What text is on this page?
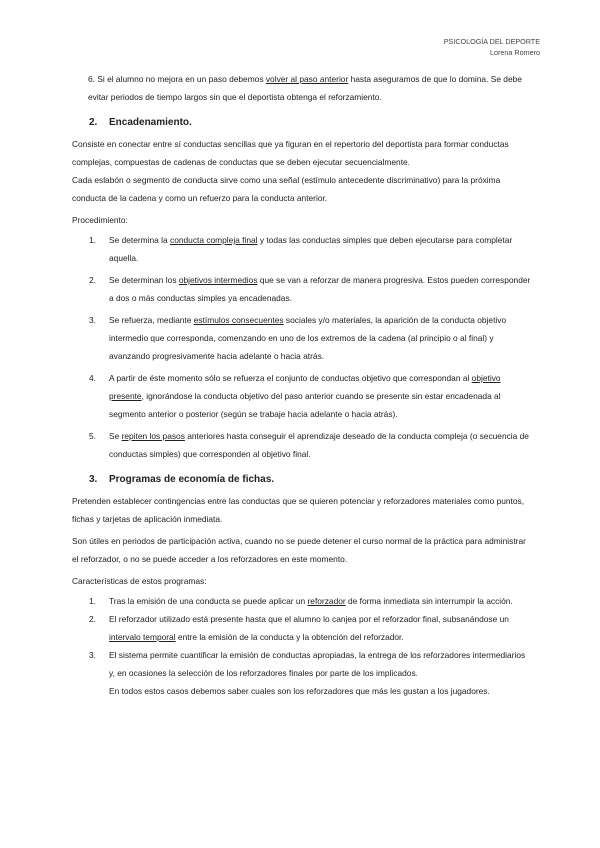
PSICOLOGÍA DEL DEPORTE
Lorena Romero

6. Si el alumno no mejora en un paso debemos volver al paso anterior hasta aseguramos de que lo domina. Se debe evitar periodos de tiempo largos sin que el deportista obtenga el reforzamiento.

2. Encadenamiento.

Consiste en conectar entre sí conductas sencillas que ya figuran en el repertorio del deportista para formar conductas complejas, compuestas de cadenas de conductas que se deben ejecutar secuencialmente.

Cada eslabón o segmento de conducta sirve como una señal (estímulo antecedente discriminativo) para la próxima conducta de la cadena y como un refuerzo para la conducta anterior.

Procedimiento:

1. Se determina la conducta compleja final y todas las conductas simples que deben ejecutarse para completar aquella.
2. Se determinan los objetivos intermedios que se van a reforzar de manera progresiva. Estos pueden corresponder a dos o más conductas simples ya encadenadas.
3. Se refuerza, mediante estímulos consecuentes sociales y/o materiales, la aparición de la conducta objetivo intermedio que corresponda, comenzando en uno de los extremos de la cadena (al principio o al final) y avanzando progresivamente hacia adelante o hacia atrás.
4. A partir de éste momento sólo se refuerza el conjunto de conductas objetivo que correspondan al objetivo presente, ignorándose la conducta objetivo del paso anterior cuando se presente sin estar encadenada al segmento anterior o posterior (según se trabaje hacia adelante o hacia atrás).
5. Se repiten los pasos anteriores hasta conseguir el aprendizaje deseado de la conducta compleja (o secuencia de conductas simples) que corresponden al objetivo final.
3. Programas de economía de fichas.

Pretenden establecer contingencias entre las conductas que se quieren potenciar y reforzadores materiales como puntos, fichas y tarjetas de aplicación inmediata.

Son útiles en periodos de participación activa, cuando no se puede detener el curso normal de la práctica para administrar el reforzador, o no se puede acceder a los reforzadores en este momento.

Características de estos programas:

1. Tras la emisión de una conducta se puede aplicar un reforzador de forma inmediata sin interrumpir la acción.
2. El reforzador utilizado está presente hasta que el alumno lo canjea por el reforzador final, subsanándose un intervalo temporal entre la emisión de la conducta y la obtención del reforzador.
3. El sistema permite cuantificar la emisión de conductas apropiadas, la entrega de los reforzadores intermediarios y, en ocasiones la selección de los reforzadores finales por parte de los implicados.

En todos estos casos debemos saber cuales son los reforzadores que más les gustan a los jugadores.
